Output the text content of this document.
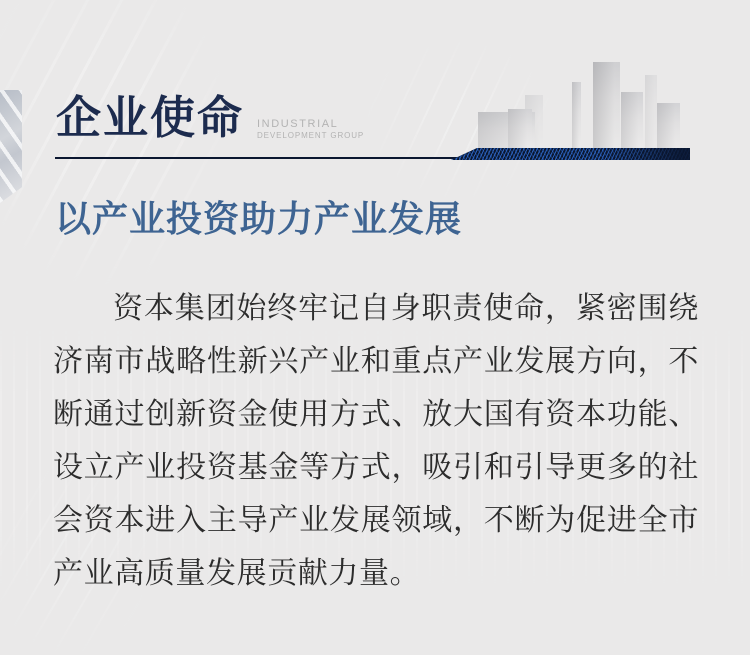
企业使命 INDUSTRIAL
DEVELOPMENT GROUP
以产业投资助力产业发展

资本集团始终牢记自身职责使命，紧密围绕济南市战略性新兴产业和重点产业发展方向，不断通过创新资金使用方式、放大国有资本功能、设立产业投资基金等方式，吸引和引导更多的社会资本进入主导产业发展领域，不断为促进全市产业高质量发展贡献力量。
